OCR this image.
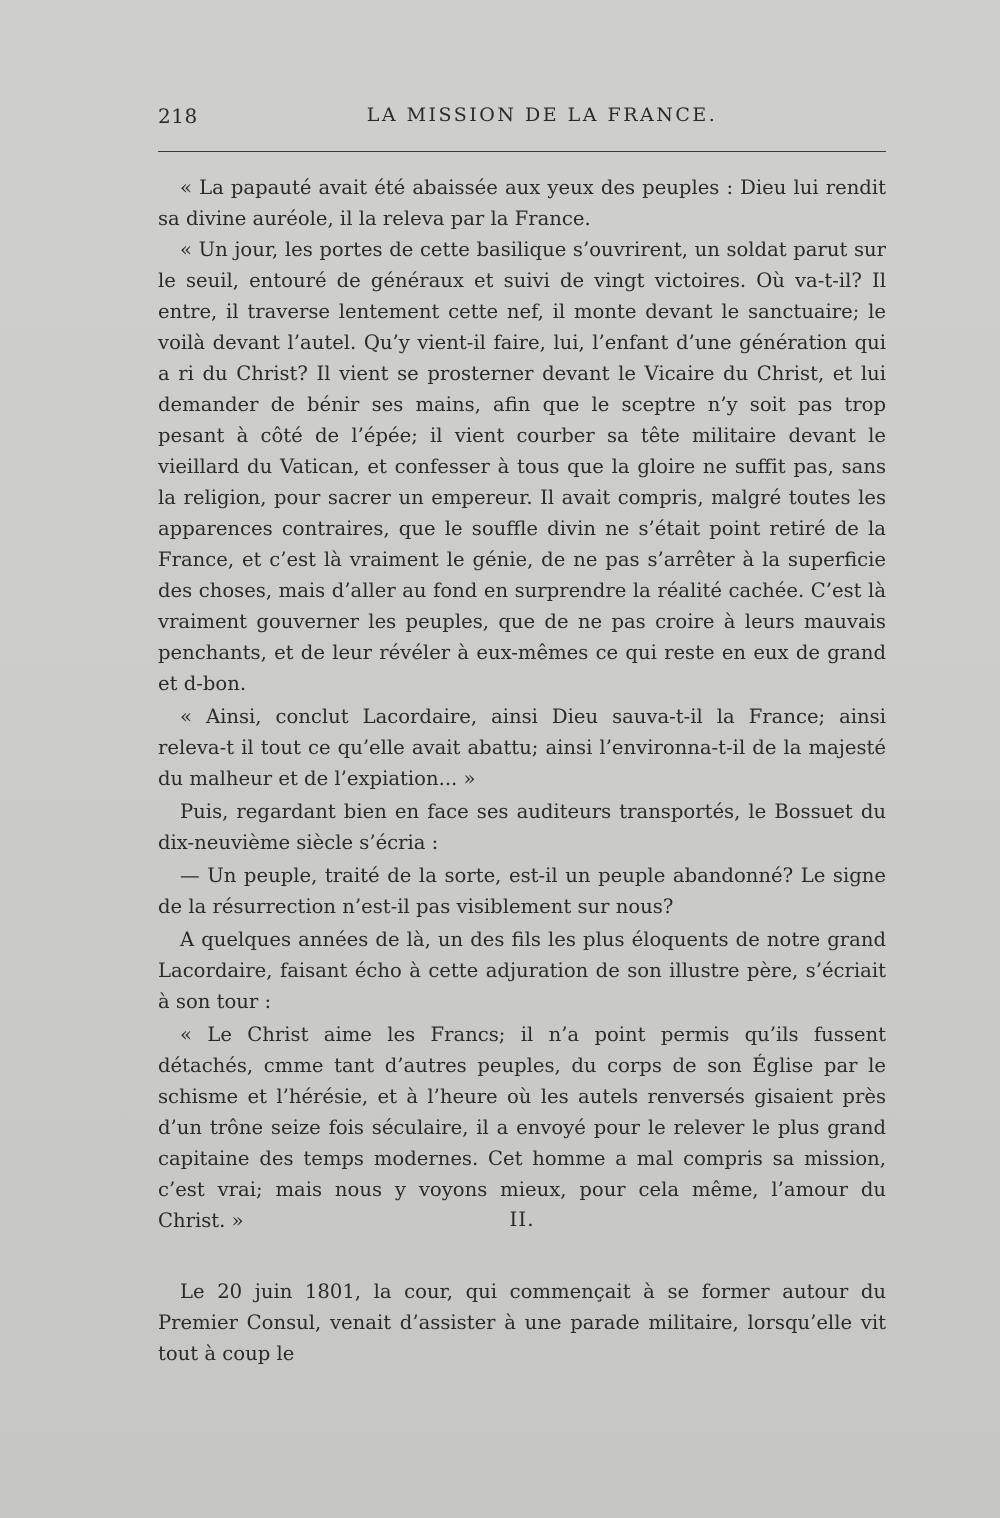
218	LA MISSION DE LA FRANCE.

« La papauté avait été abaissée aux yeux des peuples : Dieu lui rendit sa divine auréole, il la releva par la France.

« Un jour, les portes de cette basilique s’ouvrirent, un soldat parut sur le seuil, entouré de généraux et suivi de vingt victoires. Où va-t-il? Il entre, il traverse lentement cette nef, il monte devant le sanctuaire; le voilà devant l’autel. Qu’y vient-il faire, lui, l’enfant d’une génération qui a ri du Christ? Il vient se prosterner devant le Vicaire du Christ, et lui demander de bénir ses mains, afin que le sceptre n’y soit pas trop pesant à côté de l’épée; il vient courber sa tête militaire devant le vieillard du Vatican, et confesser à tous que la gloire ne suffit pas, sans la religion, pour sacrer un empereur. Il avait compris, malgré toutes les apparences contraires, que le souffle divin ne s’était point retiré de la France, et c’est là vraiment le génie, de ne pas s’arrêter à la superficie des choses, mais d’aller au fond en surprendre la réalité cachée. C’est là vraiment gouverner les peuples, que de ne pas croire à leurs mauvais penchants, et de leur révéler à eux-mêmes ce qui reste en eux de grand et d-bon.

« Ainsi, conclut Lacordaire, ainsi Dieu sauva-t-il la France; ainsi releva-t il tout ce qu’elle avait abattu; ainsi l’environna-t-il de la majesté du malheur et de l’expiation... »

Puis, regardant bien en face ses auditeurs transportés, le Bossuet du dix-neuvième siècle s’écria :

— Un peuple, traité de la sorte, est-il un peuple abandonné? Le signe de la résurrection n’est-il pas visiblement sur nous?

A quelques années de là, un des fils les plus éloquents de notre grand Lacordaire, faisant écho à cette adjuration de son illustre père, s’écriait à son tour :

« Le Christ aime les Francs; il n’a point permis qu’ils fussent détachés, cmme tant d’autres peuples, du corps de son Église par le schisme et l’hérésie, et à l’heure où les autels renversés gisaient près d’un trône seize fois séculaire, il a envoyé pour le relever le plus grand capitaine des temps modernes. Cet homme a mal compris sa mission, c’est vrai; mais nous y voyons mieux, pour cela même, l’amour du Christ. »	II.

Le 20 juin 1801, la cour, qui commençait à se former autour du Premier Consul, venait d’assister à une parade militaire, lorsqu’elle vit tout à coup le
